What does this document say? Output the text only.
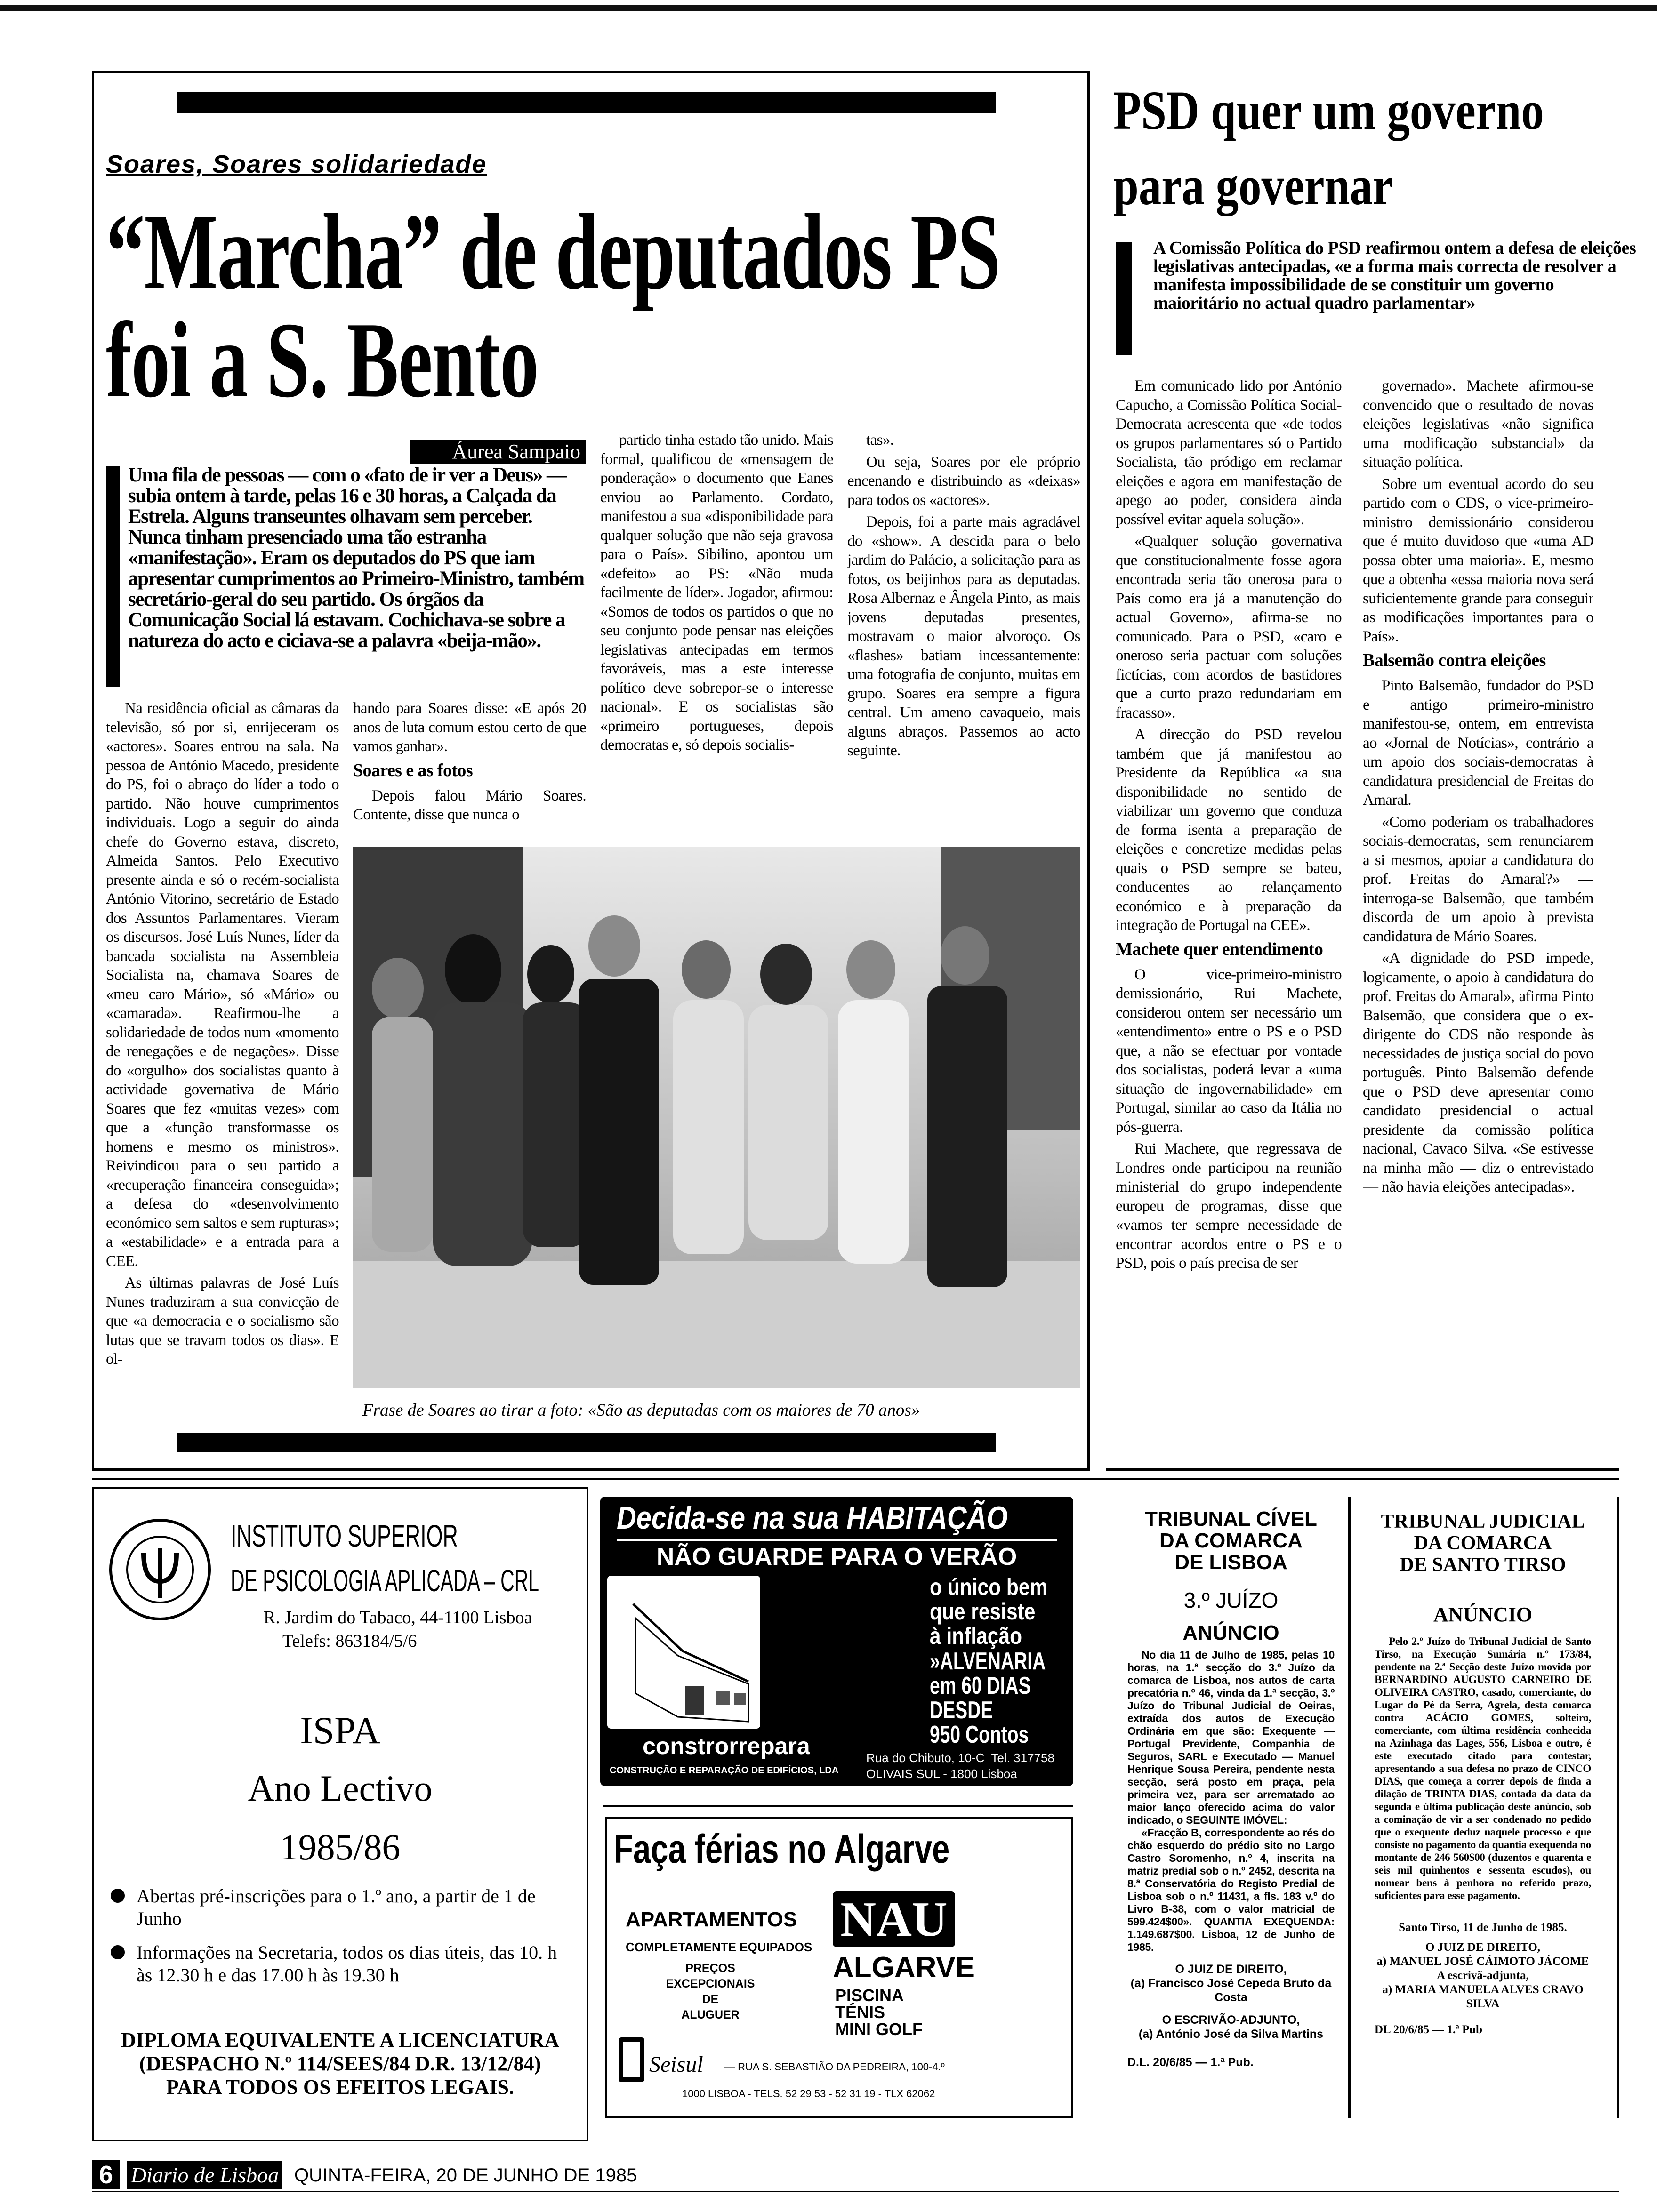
Soares, Soares solidariedade
“Marcha” de deputados PS
foi a S. Bento
Áurea Sampaio
Uma fila de pessoas — com o «fato de ir ver a Deus» — subia ontem à tarde, pelas 16 e 30 horas, a Calçada da Estrela. Alguns transeuntes olhavam sem perceber. Nunca tinham presenciado uma tão estranha «manifestação». Eram os deputados do PS que iam apresentar cumprimentos ao Primeiro-Ministro, também secretário-geral do seu partido. Os órgãos da Comunicação Social lá estavam. Cochichava-se sobre a natureza do acto e ciciava-se a palavra «beija-mão».

Na residência oficial as câmaras da televisão, só por si, enrijeceram os «actores». Soares entrou na sala. Na pessoa de António Macedo, presidente do PS, foi o abraço do líder a todo o partido. Não houve cumprimentos individuais. Logo a seguir do ainda chefe do Governo estava, discreto, Almeida Santos. Pelo Executivo presente ainda e só o recém-socialista António Vitorino, secretário de Estado dos Assuntos Parlamentares. Vieram os discursos. José Luís Nunes, líder da bancada socialista na Assembleia Socialista na, chamava Soares de «meu caro Mário», só «Mário» ou «camarada». Reafirmou-lhe a solidariedade de todos num «momento de renegações e de negações». Disse do «orgulho» dos socialistas quanto à actividade governativa de Mário Soares que fez «muitas vezes» com que a «função transformasse os homens e mesmo os ministros». Reivindicou para o seu partido a «recuperação financeira conseguida»; a defesa do «desenvolvimento económico sem saltos e sem rupturas»; a «estabilidade» e a entrada para a CEE.

As últimas palavras de José Luís Nunes traduziram a sua convicção de que «a democracia e o socialismo são lutas que se travam todos os dias». E ol-

hando para Soares disse: «E após 20 anos de luta comum estou certo de que vamos ganhar».

Soares e as fotos

Depois falou Mário Soares. Contente, disse que nunca o

partido tinha estado tão unido. Mais formal, qualificou de «mensagem de ponderação» o documento que Eanes enviou ao Parlamento. Cordato, manifestou a sua «disponibilidade para qualquer solução que não seja gravosa para o País». Sibilino, apontou um «defeito» ao PS: «Não muda facilmente de líder». Jogador, afirmou: «Somos de todos os partidos o que no seu conjunto pode pensar nas eleições legislativas antecipadas em termos favoráveis, mas a este interesse político deve sobrepor-se o interesse nacional». E os socialistas são «primeiro portugueses, depois democratas e, só depois socialis-

tas».

Ou seja, Soares por ele próprio encenando e distribuindo as «deixas» para todos os «actores».

Depois, foi a parte mais agradável do «show». A descida para o belo jardim do Palácio, a solicitação para as fotos, os beijinhos para as deputadas. Rosa Albernaz e Ângela Pinto, as mais jovens deputadas presentes, mostravam o maior alvoroço. Os «flashes» batiam incessantemente: uma fotografia de conjunto, muitas em grupo. Soares era sempre a figura central. Um ameno cavaqueio, mais alguns abraços. Passemos ao acto seguinte.

Frase de Soares ao tirar a foto: «São as deputadas com os maiores de 70 anos»
PSD quer um governo
para governar
A Comissão Política do PSD reafirmou ontem a defesa de eleições legislativas antecipadas, «e a forma mais correcta de resolver a manifesta impossibilidade de se constituir um governo maioritário no actual quadro parlamentar»

Em comunicado lido por António Capucho, a Comissão Política Social-Democrata acrescenta que «de todos os grupos parlamentares só o Partido Socialista, tão pródigo em reclamar eleições e agora em manifestação de apego ao poder, considera ainda possível evitar aquela solução».

«Qualquer solução governativa que constitucionalmente fosse agora encontrada seria tão onerosa para o País como era já a manutenção do actual Governo», afirma-se no comunicado. Para o PSD, «caro e oneroso seria pactuar com soluções fictícias, com acordos de bastidores que a curto prazo redundariam em fracasso».

A direcção do PSD revelou também que já manifestou ao Presidente da República «a sua disponibilidade no sentido de viabilizar um governo que conduza de forma isenta a preparação de eleições e concretize medidas pelas quais o PSD sempre se bateu, conducentes ao relançamento económico e à preparação da integração de Portugal na CEE».

Machete quer entendimento

O vice-primeiro-ministro demissionário, Rui Machete, considerou ontem ser necessário um «entendimento» entre o PS e o PSD que, a não se efectuar por vontade dos socialistas, poderá levar a «uma situação de ingovernabilidade» em Portugal, similar ao caso da Itália no pós-guerra.

Rui Machete, que regressava de Londres onde participou na reunião ministerial do grupo independente europeu de programas, disse que «vamos ter sempre necessidade de encontrar acordos entre o PS e o PSD, pois o país precisa de ser

governado». Machete afirmou-se convencido que o resultado de novas eleições legislativas «não significa uma modificação substancial» da situação política.

Sobre um eventual acordo do seu partido com o CDS, o vice-primeiro-ministro demissionário considerou que é muito duvidoso que «uma AD possa obter uma maioria». E, mesmo que a obtenha «essa maioria nova será suficientemente grande para conseguir as modificações importantes para o País».

Balsemão contra eleições

Pinto Balsemão, fundador do PSD e antigo primeiro-ministro manifestou-se, ontem, em entrevista ao «Jornal de Notícias», contrário a um apoio dos sociais-democratas à candidatura presidencial de Freitas do Amaral.

«Como poderiam os trabalhadores sociais-democratas, sem renunciarem a si mesmos, apoiar a candidatura do prof. Freitas do Amaral?» — interroga-se Balsemão, que também discorda de um apoio à prevista candidatura de Mário Soares.

«A dignidade do PSD impede, logicamente, o apoio à candidatura do prof. Freitas do Amaral», afirma Pinto Balsemão, que considera que o ex-dirigente do CDS não responde às necessidades de justiça social do povo português. Pinto Balsemão defende que o PSD deve apresentar como candidato presidencial o actual presidente da comissão política nacional, Cavaco Silva. «Se estivesse na minha mão — diz o entrevistado — não havia eleições antecipadas».

INSTITUTO SUPERIOR
DE PSICOLOGIA APLICADA – CRL
R. Jardim do Tabaco, 44-1100 Lisboa
Telefs: 863184/5/6
ISPA
Ano Lectivo
1985/86
Abertas pré-inscrições para o 1.º ano, a partir de 1 de Junho
Informações na Secretaria, todos os dias úteis, das 10. h às 12.30 h e das 17.00 h às 19.30 h
DIPLOMA EQUIVALENTE A LICENCIATURA
(DESPACHO N.º 114/SEES/84 D.R. 13/12/84)
PARA TODOS OS EFEITOS LEGAIS.
Decida-se na sua HABITAÇÃO
NÃO GUARDE PARA O VERÃO
o único bem
que resiste
à inflação
»ALVENARIA
em 60 DIAS
DESDE
950 Contos
constrorrepara
CONSTRUÇÃO E REPARAÇÃO DE EDIFÍCIOS, LDA
Rua do Chibuto, 10-C  Tel. 317758
OLIVAIS SUL - 1800 Lisboa
Faça férias no Algarve
APARTAMENTOS
COMPLETAMENTE EQUIPADOS
PREÇOS
EXCEPCIONAIS
DE
ALUGUER
NAU
ALGARVE
PISCINA
TÉNIS
MINI GOLF
Seisul — RUA S. SEBASTIÃO DA PEDREIRA, 100-4.º
1000 LISBOA - TELS. 52 29 53 - 52 31 19 - TLX 62062
TRIBUNAL CÍVEL
DA COMARCA
DE LISBOA
3.º JUÍZO
ANÚNCIO
No dia 11 de Julho de 1985, pelas 10 horas, na 1.ª secção do 3.º Juízo da comarca de Lisboa, nos autos de carta precatória n.º 46, vinda da 1.ª secção, 3.º Juízo do Tribunal Judicial de Oeiras, extraída dos autos de Execução Ordinária em que são: Exequente — Portugal Previdente, Companhia de Seguros, SARL e Executado — Manuel Henrique Sousa Pereira, pendente nesta secção, será posto em praça, pela primeira vez, para ser arrematado ao maior lanço oferecido acima do valor indicado, o SEGUINTE IMÓVEL:
«Fracção B, correspondente ao rés do chão esquerdo do prédio sito no Largo Castro Soromenho, n.º 4, inscrita na matriz predial sob o n.º 2452, descrita na 8.ª Conservatória do Registo Predial de Lisboa sob o n.º 11431, a fls. 183 v.º do Livro B-38, com o valor matricial de 599.424$00». QUANTIA EXEQUENDA: 1.149.687$00. Lisboa, 12 de Junho de 1985.
O JUIZ DE DIREITO,
(a) Francisco José Cepeda Bruto da Costa
O ESCRIVÃO-ADJUNTO,
(a) António José da Silva Martins
D.L. 20/6/85 — 1.ª Pub.
TRIBUNAL JUDICIAL
DA COMARCA
DE SANTO TIRSO
ANÚNCIO
Pelo 2.º Juízo do Tribunal Judicial de Santo Tirso, na Execução Sumária n.º 173/84, pendente na 2.ª Secção deste Juízo movida por BERNARDINO AUGUSTO CARNEIRO DE OLIVEIRA CASTRO, casado, comerciante, do Lugar do Pé da Serra, Agrela, desta comarca contra ACÁCIO GOMES, solteiro, comerciante, com última residência conhecida na Azinhaga das Lages, 556, Lisboa e outro, é este executado citado para contestar, apresentando a sua defesa no prazo de CINCO DIAS, que começa a correr depois de finda a dilação de TRINTA DIAS, contada da data da segunda e última publicação deste anúncio, sob a cominação de vir a ser condenado no pedido que o exequente deduz naquele processo e que consiste no pagamento da quantia exequenda no montante de 246 560$00 (duzentos e quarenta e seis mil quinhentos e sessenta escudos), ou nomear bens à penhora no referido prazo, suficientes para esse pagamento.
Santo Tirso, 11 de Junho de 1985.
O JUIZ DE DIREITO,
a) MANUEL JOSÉ CÁIMOTO JÁCOME
A escrivã-adjunta,
a) MARIA MANUELA ALVES CRAVO SILVA
DL 20/6/85 — 1.ª Pub
6 Diario de Lisboa QUINTA-FEIRA, 20 DE JUNHO DE 1985
